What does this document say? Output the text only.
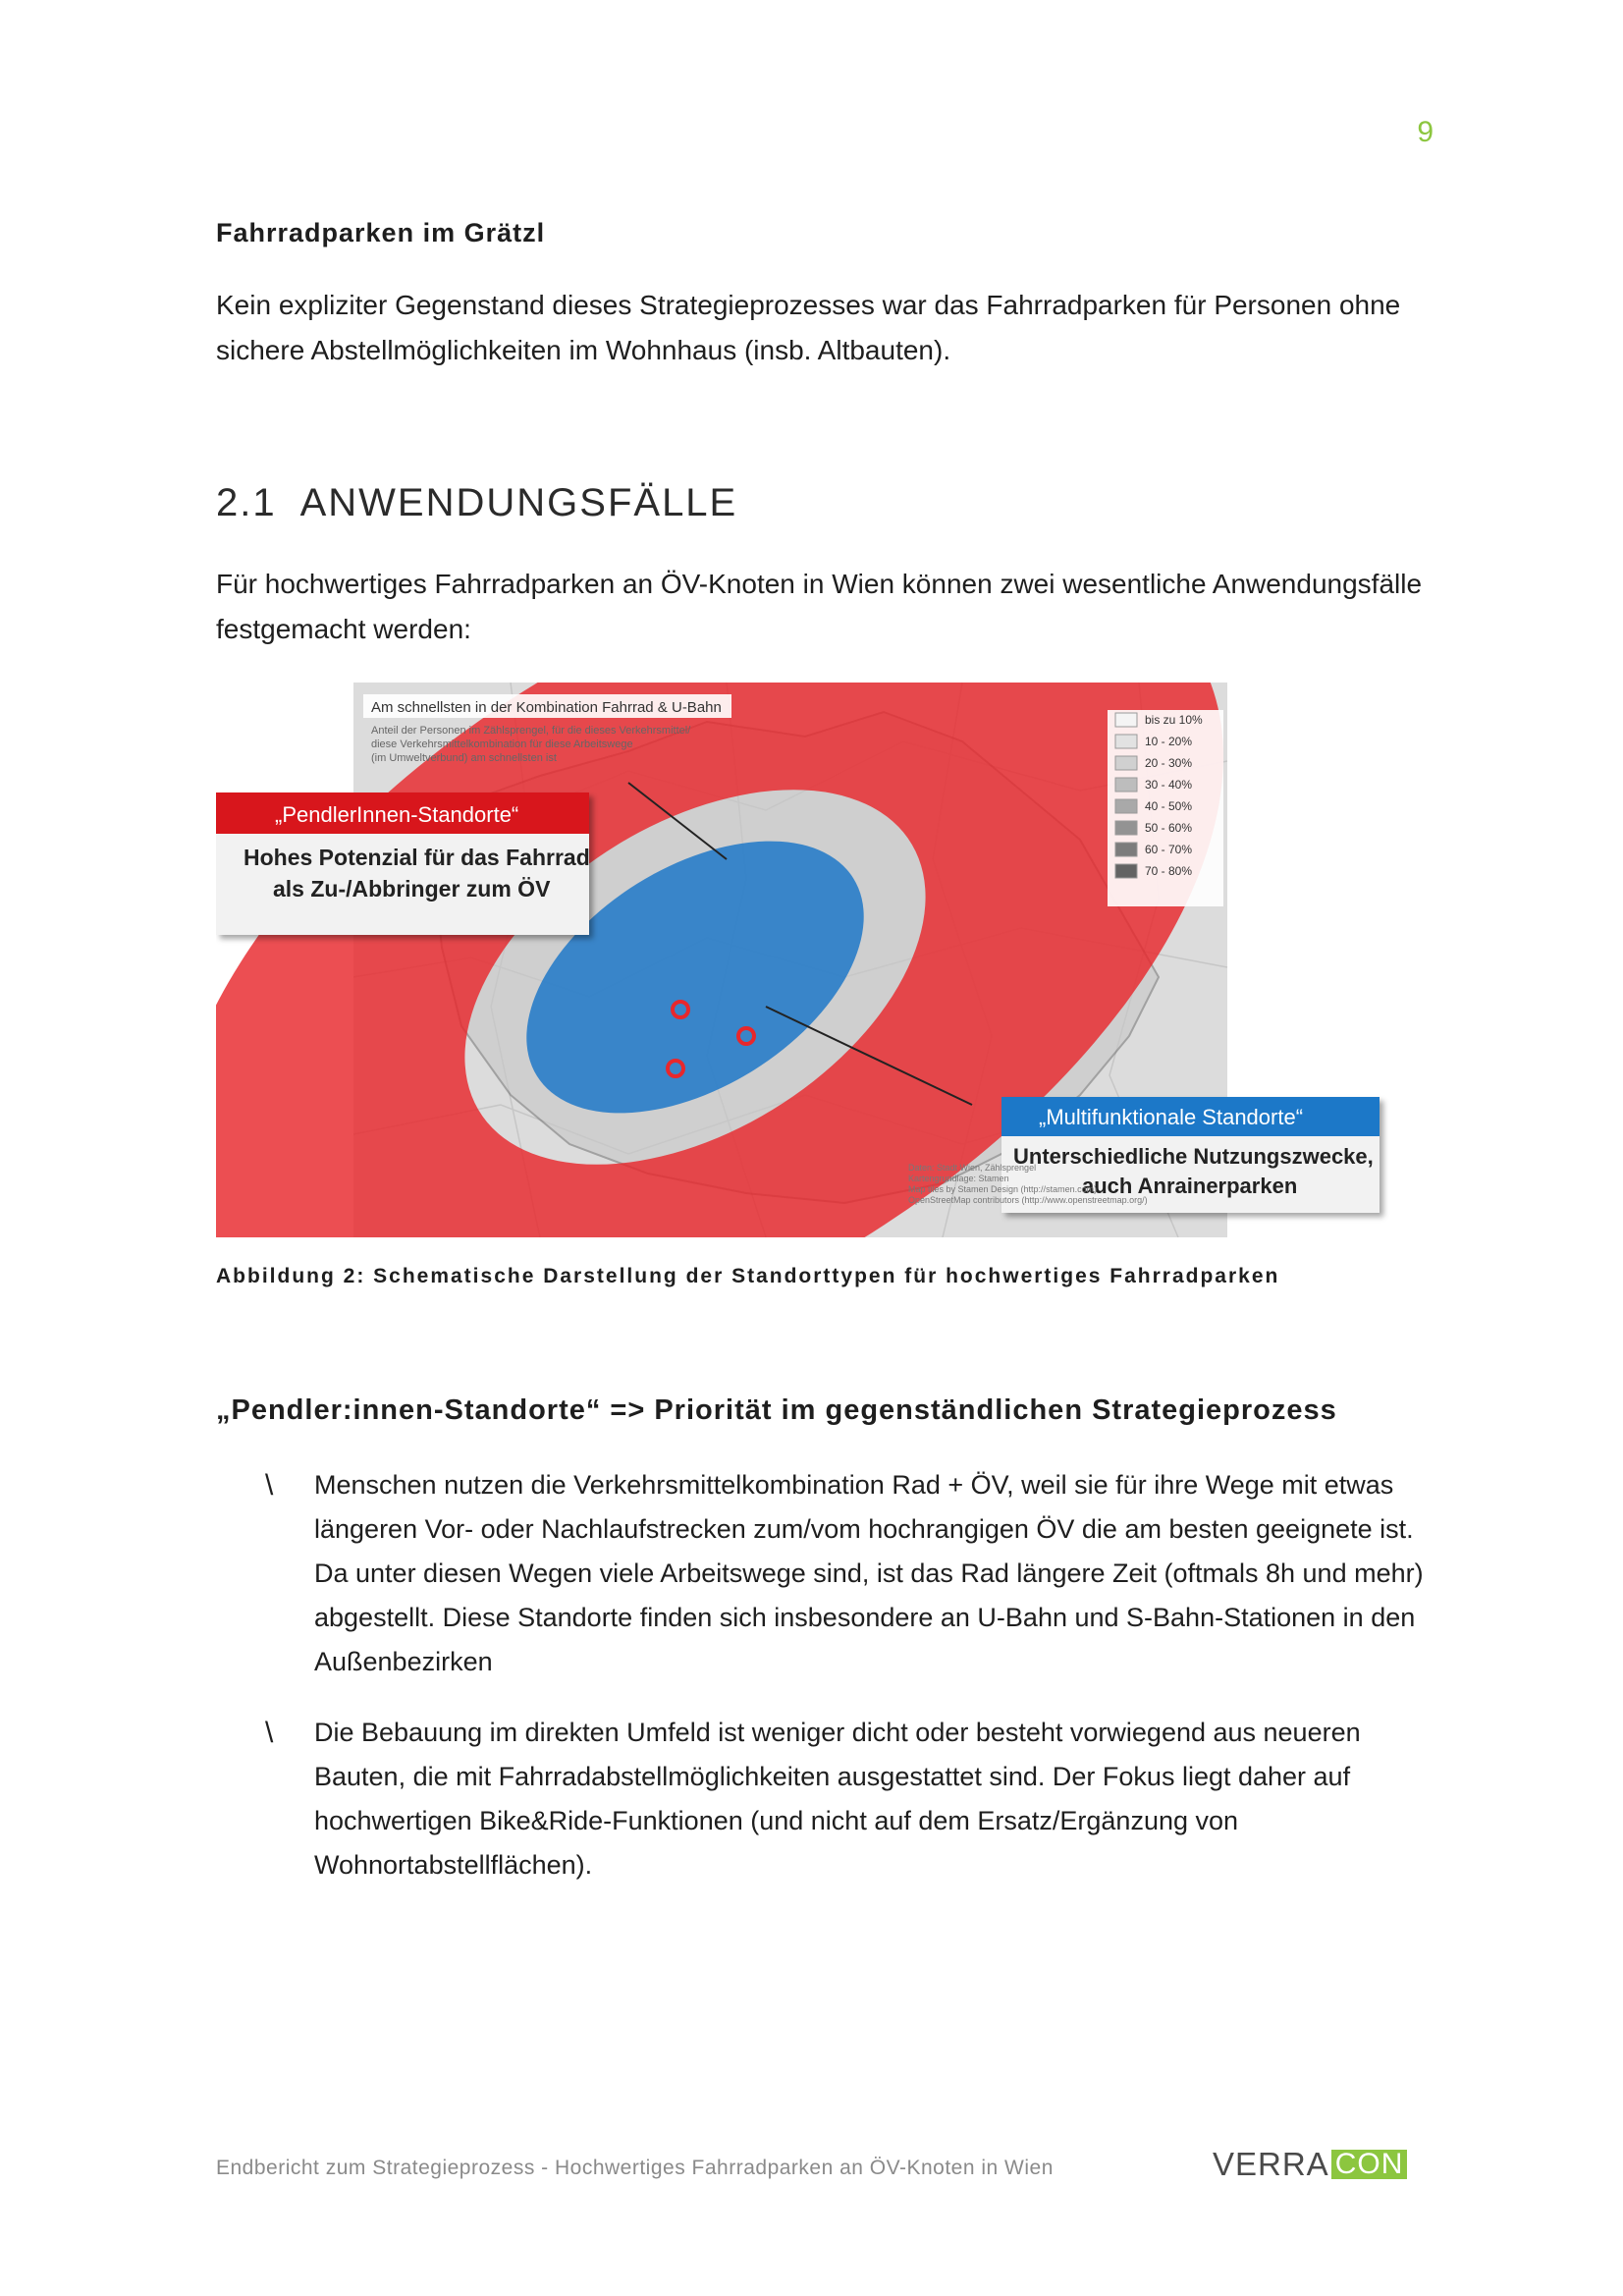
9
Fahrradparken im Grätzl
Kein expliziter Gegenstand dieses Strategieprozesses war das Fahrradparken für Personen ohne sichere Abstellmöglichkeiten im Wohnhaus (insb. Altbauten).
2.1 ANWENDUNGSFÄLLE
Für hochwertiges Fahrradparken an ÖV-Knoten in Wien können zwei wesentliche Anwendungsfälle festgemacht werden:
Am schnellsten in der Kombination Fahrrad & U-Bahn
Anteil der Personen im Zählsprengel, für die dieses Verkehrsmittel/
diese Verkehrsmittelkombination für diese Arbeitswege
(im Umweltverbund) am schnellsten ist
bis zu 10%
10 - 20%
20 - 30%
30 - 40%
40 - 50%
50 - 60%
60 - 70%
70 - 80%
„PendlerInnen-Standorte“
Hohes Potenzial für das Fahrrad
als Zu-/Abbringer zum ÖV
„Multifunktionale Standorte“
Unterschiedliche Nutzungszwecke,
auch Anrainerparken
Daten: Stadt Wien, Zählsprengel
Kartengrundlage: Stamen
Map tiles by Stamen Design (http://stamen.com)
OpenStreetMap contributors (http://www.openstreetmap.org/)
Abbildung 2: Schematische Darstellung der Standorttypen für hochwertiges Fahrradparken
„Pendler:innen-Standorte“ => Priorität im gegenständlichen Strategieprozess
\ Menschen nutzen die Verkehrsmittelkombination Rad + ÖV, weil sie für ihre Wege mit etwas längeren Vor- oder Nachlaufstrecken zum/vom hochrangigen ÖV die am besten geeignete ist. Da unter diesen Wegen viele Arbeitswege sind, ist das Rad längere Zeit (oftmals 8h und mehr) abgestellt. Diese Standorte finden sich insbesondere an U-Bahn und S-Bahn-Stationen in den Außenbezirken
\ Die Bebauung im direkten Umfeld ist weniger dicht oder besteht vorwiegend aus neueren Bauten, die mit Fahrradabstellmöglichkeiten ausgestattet sind. Der Fokus liegt daher auf hochwertigen Bike&Ride-Funktionen (und nicht auf dem Ersatz/Ergänzung von Wohnortabstellflächen).
Endbericht zum Strategieprozess - Hochwertiges Fahrradparken an ÖV-Knoten in Wien	VERRA CON
